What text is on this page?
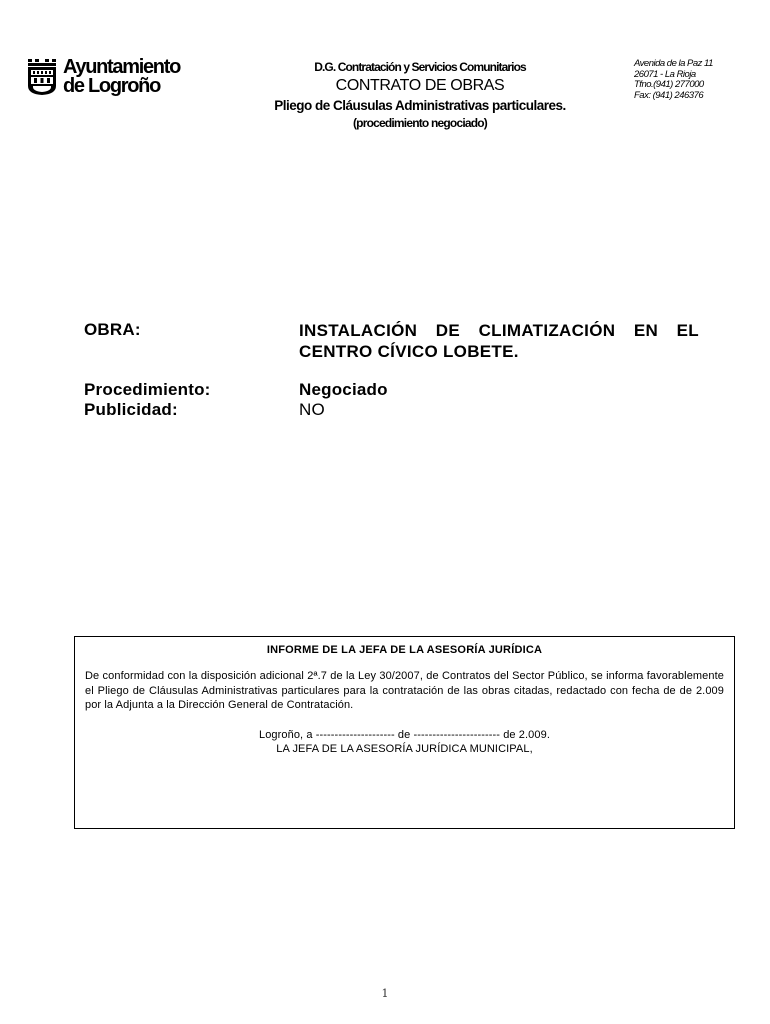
Ayuntamiento
de Logroño
D.G. Contratación y Servicios Comunitarios
CONTRATO DE OBRAS
Pliego de Cláusulas Administrativas particulares.
(procedimiento negociado)
Avenida de la Paz 11
26071 - La Rioja
Tfno.(941) 277000
Fax: (941) 246376
OBRA:	INSTALACIÓN DE CLIMATIZACIÓN EN EL CENTRO CÍVICO LOBETE.
Procedimiento:	Negociado
Publicidad:	NO
INFORME DE LA JEFA DE LA ASESORÍA JURÍDICA
De conformidad con la disposición adicional 2ª.7 de la Ley 30/2007, de Contratos del Sector Público, se informa favorablemente el Pliego de Cláusulas Administrativas particulares para la contratación de las obras citadas, redactado con fecha de de 2.009 por la Adjunta a la Dirección General de Contratación.
Logroño, a --------------------- de ----------------------- de 2.009.
LA JEFA DE LA ASESORÍA JURÍDICA MUNICIPAL,
1
